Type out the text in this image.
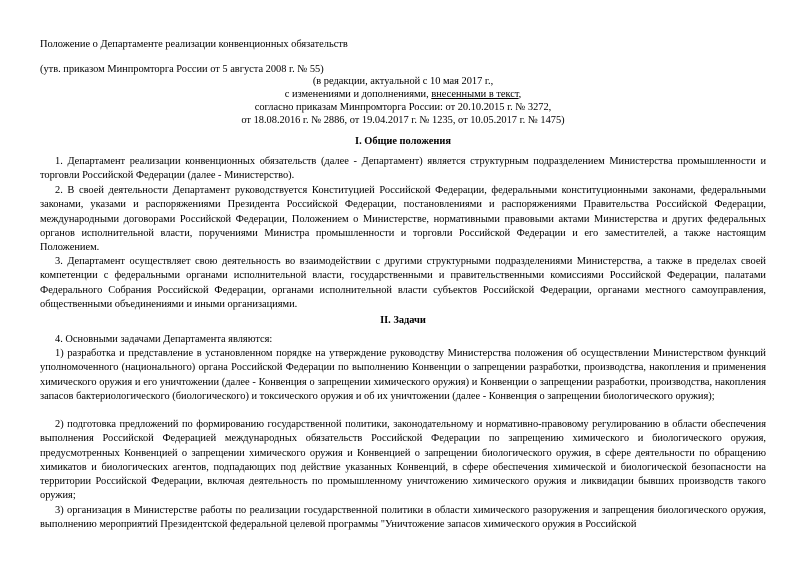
Положение о Департаменте реализации конвенционных обязательств
(утв. приказом Минпромторга России от 5 августа 2008 г. № 55)
(в редакции, актуальной с 10 мая 2017 г.,
с изменениями и дополнениями, внесенными в текст,
согласно приказам Минпромторга России: от 20.10.2015 г. № 3272,
от 18.08.2016 г. № 2886, от 19.04.2017 г. № 1235, от 10.05.2017 г. № 1475)
I. Общие положения
1. Департамент реализации конвенционных обязательств (далее - Департамент) является структурным подразделением Министерства промышленности и торговли Российской Федерации (далее - Министерство).
2. В своей деятельности Департамент руководствуется Конституцией Российской Федерации, федеральными конституционными законами, федеральными законами, указами и распоряжениями Президента Российской Федерации, постановлениями и распоряжениями Правительства Российской Федерации, международными договорами Российской Федерации, Положением о Министерстве, нормативными правовыми актами Министерства и других федеральных органов исполнительной власти, поручениями Министра промышленности и торговли Российской Федерации и его заместителей, а также настоящим Положением.
3. Департамент осуществляет свою деятельность во взаимодействии с другими структурными подразделениями Министерства, а также в пределах своей компетенции с федеральными органами исполнительной власти, государственными и правительственными комиссиями Российской Федерации, палатами Федерального Собрания Российской Федерации, органами исполнительной власти субъектов Российской Федерации, органами местного самоуправления, общественными объединениями и иными организациями.
II. Задачи
4. Основными задачами Департамента являются:
1) разработка и представление в установленном порядке на утверждение руководству Министерства положения об осуществлении Министерством функций уполномоченного (национального) органа Российской Федерации по выполнению Конвенции о запрещении разработки, производства, накопления и применения химического оружия и его уничтожении (далее - Конвенция о запрещении химического оружия) и Конвенции о запрещении разработки, производства, накопления запасов бактериологического (биологического) и токсического оружия и об их уничтожении (далее - Конвенция о запрещении биологического оружия);
2) подготовка предложений по формированию государственной политики, законодательному и нормативно-правовому регулированию в области обеспечения выполнения Российской Федерацией международных обязательств Российской Федерации по запрещению химического и биологического оружия, предусмотренных Конвенцией о запрещении химического оружия и Конвенцией о запрещении биологического оружия, в сфере деятельности по обращению химикатов и биологических агентов, подпадающих под действие указанных Конвенций, в сфере обеспечения химической и биологической безопасности на территории Российской Федерации, включая деятельность по промышленному уничтожению химического оружия и ликвидации бывших производств такого оружия;
3) организация в Министерстве работы по реализации государственной политики в области химического разоружения и запрещения биологического оружия, выполнению мероприятий Президентской федеральной целевой программы "Уничтожение запасов химического оружия в Российской
